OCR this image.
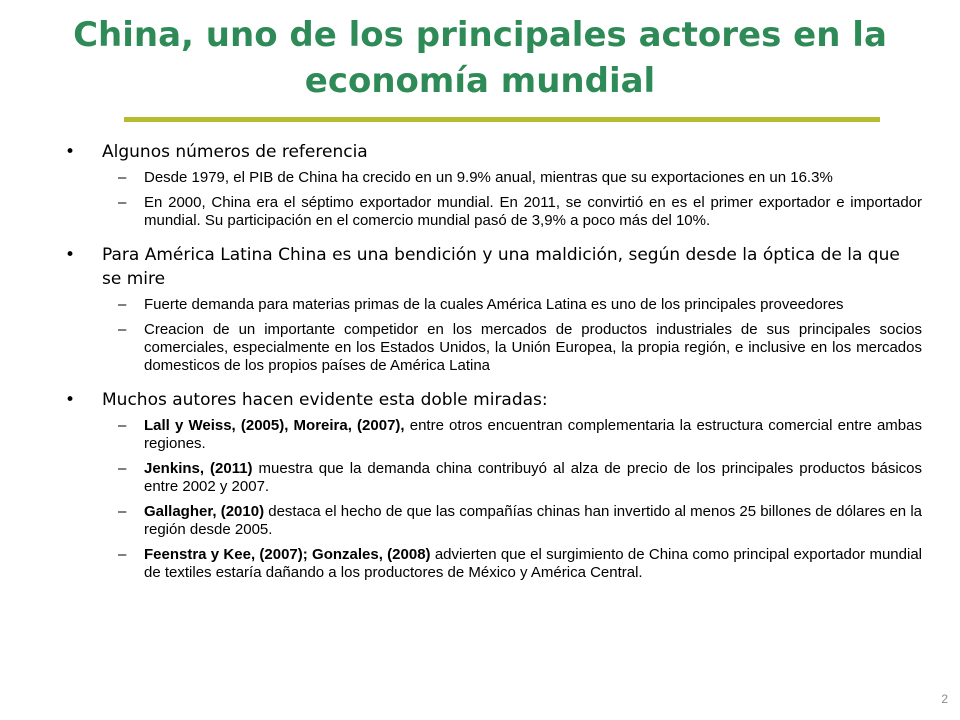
China, uno de los principales actores en la economía mundial
• Algunos números de referencia
– Desde 1979, el PIB de China ha crecido en un 9.9% anual, mientras que su exportaciones en un 16.3%
– En 2000, China era el séptimo exportador mundial. En 2011, se convirtió en es el primer exportador e importador mundial. Su participación en el comercio mundial pasó de 3,9% a poco más del 10%.
• Para América Latina China es una bendición y una maldición, según desde la óptica de la que se mire
– Fuerte demanda para materias primas de la cuales América Latina es uno de los principales proveedores
– Creacion de un importante competidor en los mercados de productos industriales de sus principales socios comerciales, especialmente en los Estados Unidos, la Unión Europea, la propia región, e inclusive en los mercados domesticos de los propios países de América Latina
• Muchos autores hacen evidente esta doble miradas:
– Lall y Weiss, (2005), Moreira, (2007), entre otros encuentran complementaria la estructura comercial entre ambas regiones.
– Jenkins, (2011) muestra que la demanda china contribuyó al alza de precio de los principales productos básicos entre 2002 y 2007.
– Gallagher, (2010) destaca el hecho de que las compañías chinas han invertido al menos 25 billones de dólares en la región desde 2005.
– Feenstra y Kee, (2007); Gonzales, (2008) advierten que el surgimiento de China como principal exportador mundial de textiles estaría dañando a los productores de México y América Central.
2
